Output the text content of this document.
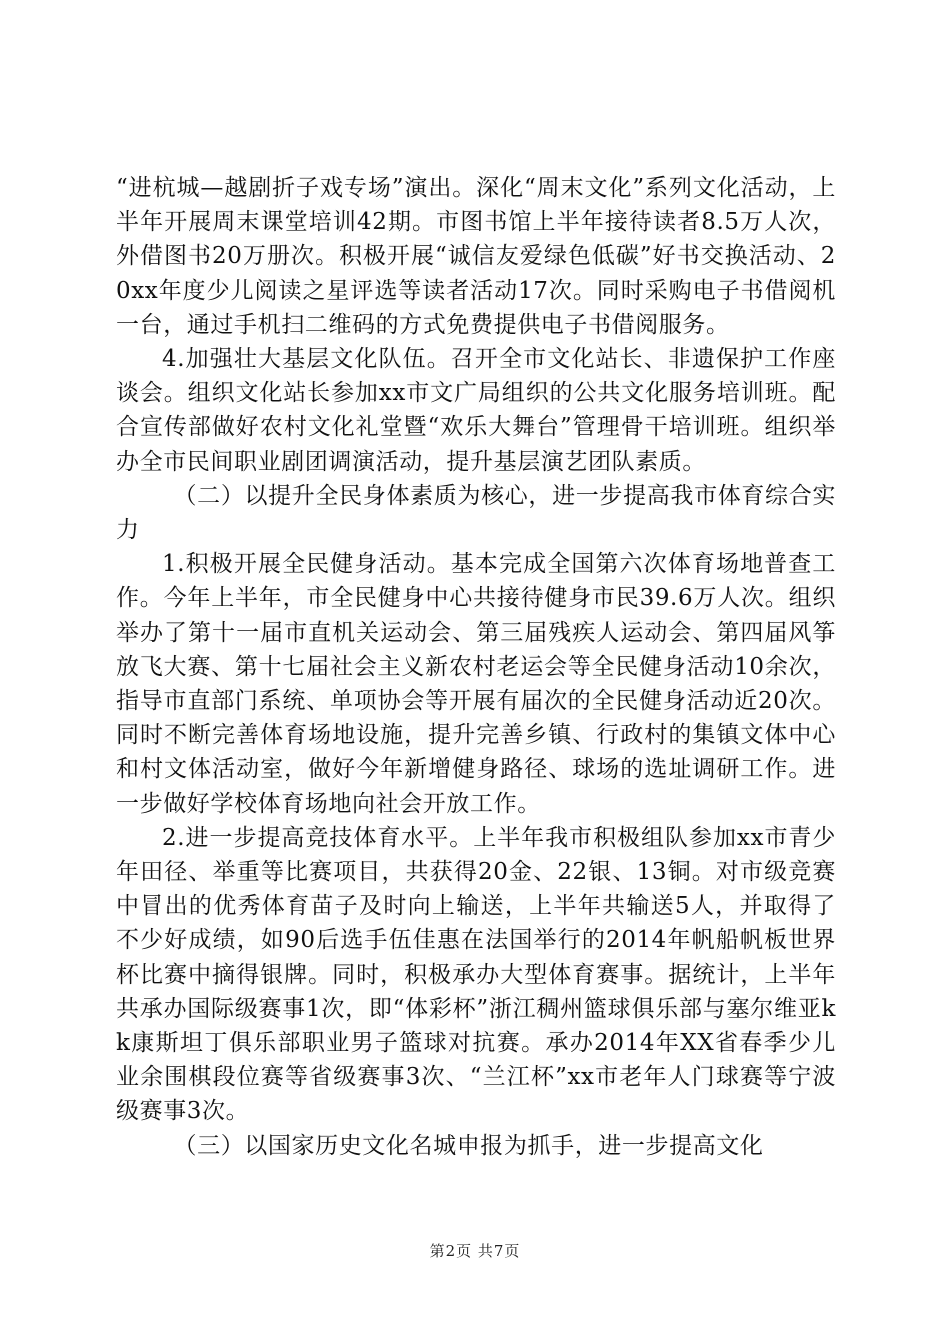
“进杭城—越剧折子戏专场”演出。深化“周末文化”系列文化活动，上半年开展周末课堂培训42期。市图书馆上半年接待读者8.5万人次，外借图书20万册次。积极开展“诚信友爱绿色低碳”好书交换活动、20xx年度少儿阅读之星评选等读者活动17次。同时采购电子书借阅机一台，通过手机扫二维码的方式免费提供电子书借阅服务。

4.加强壮大基层文化队伍。召开全市文化站长、非遗保护工作座谈会。组织文化站长参加xx市文广局组织的公共文化服务培训班。配合宣传部做好农村文化礼堂暨“欢乐大舞台”管理骨干培训班。组织举办全市民间职业剧团调演活动，提升基层演艺团队素质。

（二）以提升全民身体素质为核心，进一步提高我市体育综合实力

1.积极开展全民健身活动。基本完成全国第六次体育场地普查工作。今年上半年，市全民健身中心共接待健身市民39.6万人次。组织举办了第十一届市直机关运动会、第三届残疾人运动会、第四届风筝放飞大赛、第十七届社会主义新农村老运会等全民健身活动10余次，指导市直部门系统、单项协会等开展有届次的全民健身活动近20次。同时不断完善体育场地设施，提升完善乡镇、行政村的集镇文体中心和村文体活动室，做好今年新增健身路径、球场的选址调研工作。进一步做好学校体育场地向社会开放工作。

2.进一步提高竞技体育水平。上半年我市积极组队参加xx市青少年田径、举重等比赛项目，共获得20金、22银、13铜。对市级竞赛中冒出的优秀体育苗子及时向上输送，上半年共输送5人，并取得了不少好成绩，如90后选手伍佳惠在法国举行的2014年帆船帆板世界杯比赛中摘得银牌。同时，积极承办大型体育赛事。据统计，上半年共承办国际级赛事1次，即“体彩杯”浙江稠州篮球俱乐部与塞尔维亚kk康斯坦丁俱乐部职业男子篮球对抗赛。承办2014年XX省春季少儿业余围棋段位赛等省级赛事3次、“兰江杯”xx市老年人门球赛等宁波级赛事3次。

（三）以国家历史文化名城申报为抓手，进一步提高文化

第2页 共7页
